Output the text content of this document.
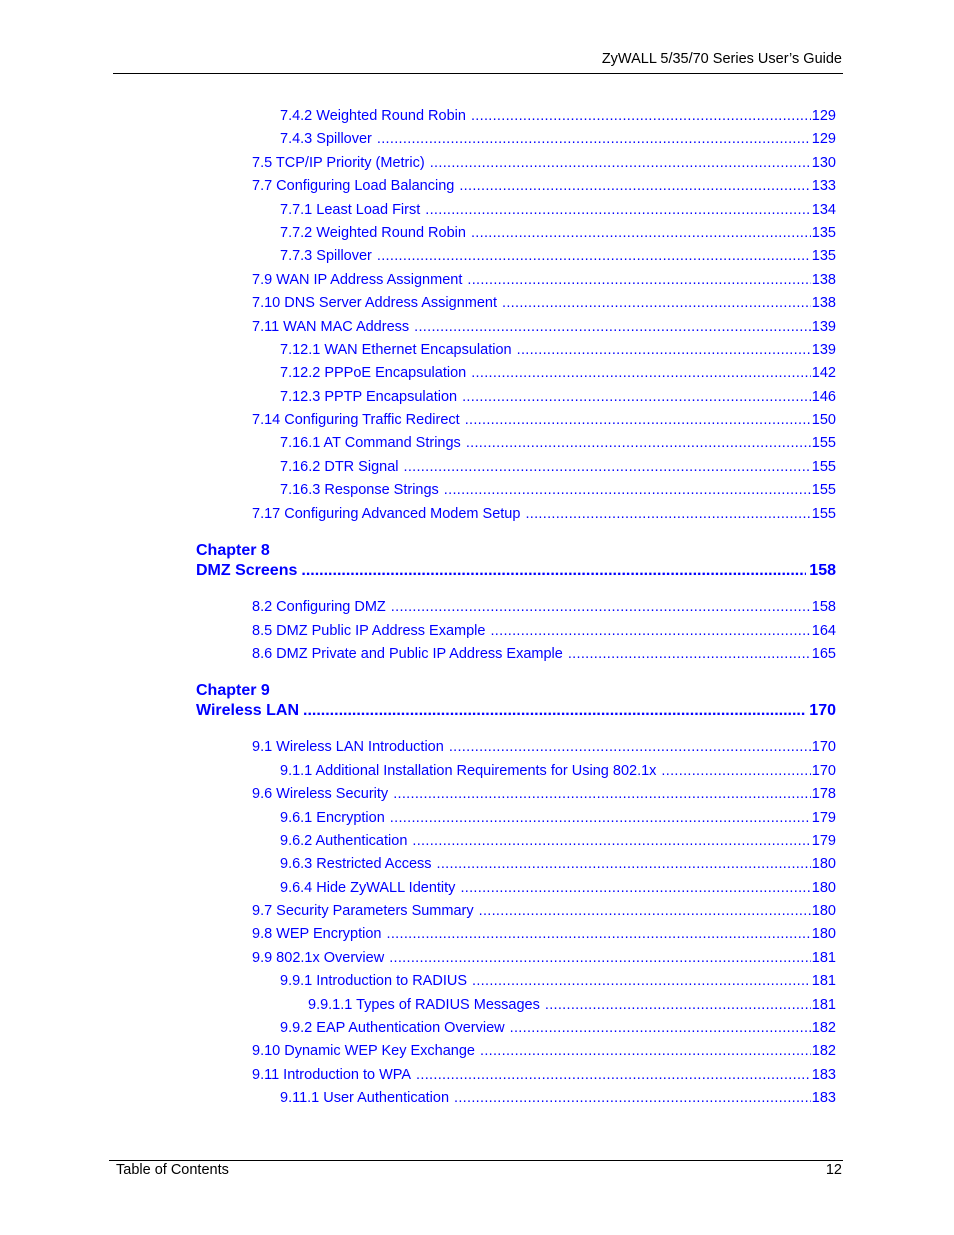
ZyWALL 5/35/70 Series User’s Guide
7.4.2 Weighted Round Robin .....	129
7.4.3 Spillover .....	129
7.5 TCP/IP Priority (Metric) .....	130
7.7 Configuring Load Balancing .....	133
7.7.1 Least Load First .....	134
7.7.2 Weighted Round Robin .....	135
7.7.3 Spillover .....	135
7.9 WAN IP Address Assignment .....	138
7.10 DNS Server Address Assignment .....	138
7.11 WAN MAC Address .....	139
7.12.1 WAN Ethernet Encapsulation .....	139
7.12.2 PPPoE Encapsulation .....	142
7.12.3 PPTP Encapsulation .....	146
7.14 Configuring Traffic Redirect .....	150
7.16.1 AT Command Strings .....	155
7.16.2 DTR Signal .....	155
7.16.3 Response Strings .....	155
7.17 Configuring Advanced Modem Setup .....	155
Chapter 8
DMZ Screens .....	158
8.2 Configuring DMZ .....	158
8.5 DMZ Public IP Address Example .....	164
8.6 DMZ Private and Public IP Address Example .....	165
Chapter 9
Wireless LAN .....	170
9.1 Wireless LAN Introduction .....	170
9.1.1 Additional Installation Requirements for Using 802.1x .....	170
9.6 Wireless Security .....	178
9.6.1 Encryption .....	179
9.6.2 Authentication .....	179
9.6.3 Restricted Access .....	180
9.6.4 Hide ZyWALL Identity .....	180
9.7 Security Parameters Summary .....	180
9.8 WEP Encryption .....	180
9.9 802.1x Overview .....	181
9.9.1 Introduction to RADIUS .....	181
9.9.1.1 Types of RADIUS Messages .....	181
9.9.2 EAP Authentication Overview .....	182
9.10 Dynamic WEP Key Exchange .....	182
9.11 Introduction to WPA .....	183
9.11.1 User Authentication .....	183
Table of Contents	12
